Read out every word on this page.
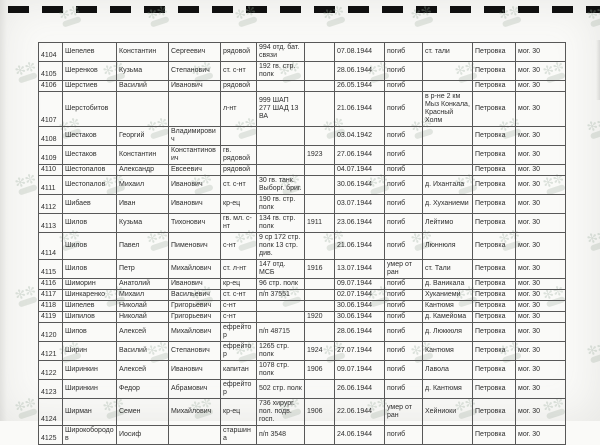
✻ ✼
✻ ✼
✻ ✼
✻ ✼
✻ ✼
✻ ✼
✻ ✼
✻ ✼
✻ ✼
✻ ✼
✻ ✼
✻ ✼
✻ ✼
✻ ✼
✻ ✼
✻ ✼
✻ ✼
✻ ✼
✻ ✼
✻ ✼
✻ ✼
✻ ✼
✻ ✼
✻ ✼
✻ ✼
✻ ✼
✻ ✼
✻ ✼
✻ ✼
✻ ✼
✻ ✼
✻ ✼
✻ ✼
✻ ✼
✻ ✼
✻ ✼
✻ ✼
✻ ✼
✻ ✼
✻ ✼
✻ ✼
✻ ✼
✻ ✼
✻ ✼
✻ ✼
✻ ✼
✻ ✼
✻ ✼
✻ ✼
✻ ✼
✻ ✼
✻ ✼
✻ ✼
✻ ✼
✻ ✼
✻ ✼
4104	Шепелев	Константин	Сергеевич	рядовой	994 отд. бат. связи		07.08.1944	погиб	ст. тали	Петровка	мог. 30
4105	Шеренков	Кузьма	Степанович	ст. с-нт	192 гв. стр. полк		28.06.1944	погиб		Петровка	мог. 30
4106	Шерстиев	Василий	Иванович	рядовой			26.05.1944	погиб		Петровка	мог. 30
4107	Шерстобитов			л-нт	999 ШАП 277 ШАД 13 ВА		21.06.1944	погиб	в р-не 2 км Мыз Конкала, Красный Холм	Петровка	мог. 30
4108	Шестаков	Георгий	Владимирович				03.04.1942	погиб		Петровка	мог. 30
4109	Шестаков	Константин	Константинович	гв. рядовой		1923	27.06.1944	погиб		Петровка	мог. 30
4110	Шестопалов	Александр	Евсеевич	рядовой			04.07.1944	погиб		Петровка	мог. 30
4111	Шестопалов	Михаил	Иванович	ст. с-нт	30 гв. танк. Выборг. бриг.		30.06.1944	погиб	д. Ихантала	Петровка	мог. 30
4112	Шибаев	Иван	Иванович	кр-ец	190 гв. стр. полк		03.07.1944	погиб	д. Хуханиеми	Петровка	мог. 30
4113	Шилов	Кузьма	Тихонович	гв. мл. с-нт	134 гв. стр. полк	1911	23.06.1944	погиб	Лейтимо	Петровка	мог. 30
4114	Шилов	Павел	Пименович	с-нт	9 ср 172 стр. полк 13 стр. див.		21.06.1944	погиб	Люннюля	Петровка	мог. 30
4115	Шилов	Петр	Михайлович	ст. л-нт	147 отд. МСБ	1916	13.07.1944	умер от ран	ст. Тали	Петровка	мог. 30
4116	Шиморин	Анатолий	Иванович	кр-ец	96 стр. полк		09.07.1944	погиб	д. Ваникала	Петровка	мог. 30
4117	Шинкаренко	Михаил	Васильевич	ст. с-нт	п/п 37551		02.07.1944	погиб	Хуканиеми	Петровка	мог. 30
4118	Шипелев	Николай	Григорьевич	с-нт			30.06.1944	погиб	Кантюмя	Петровка	мог. 30
4119	Шипилов	Николай	Григорьевич	с-нт		1920	30.06.1944	погиб	д. Камейома	Петровка	мог. 30
4120	Шипов	Алексей	Михайлович	ефрейтор	п/п 48715		28.06.1944	погиб	д. Люккюля	Петровка	мог. 30
4121	Ширин	Василий	Степанович	ефрейтор	1265 стр. полк	1924	27.07.1944	погиб	Кантюмя	Петровка	мог. 30
4122	Ширинкин	Алексей	Иванович	капитан	1078 стр. полк	1906	09.07.1944	погиб	Лавола	Петровка	мог. 30
4123	Ширинкин	Федор	Абрамович	ефрейтор	502 стр. полк		26.06.1944	погиб	д. Кантюмя	Петровка	мог. 30
4124	Ширман	Семен	Михайлович	кр-ец	736 хирург. пол. подв. госп.	1906	22.06.1944	умер от ран	Хейниоки	Петровка	мог. 30
4125	Широкобородов	Иосиф		старшина	п/п 3548		24.06.1944	погиб		Петровка	мог. 30
